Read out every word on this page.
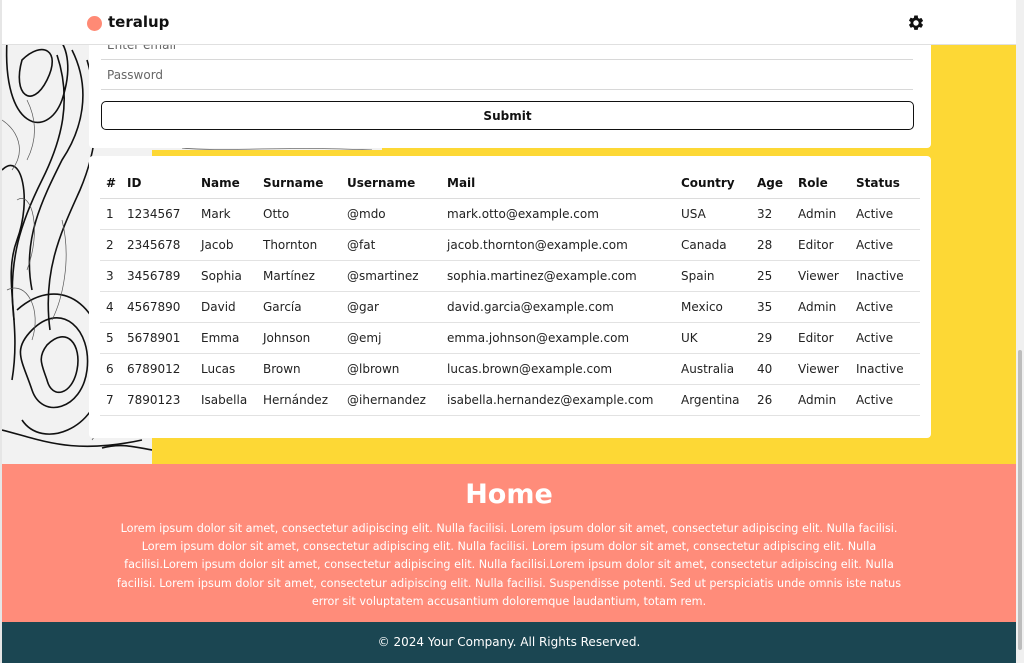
teralup
Enter email
Submit
#	ID	Name	Surname	Username	Mail	Country	Age	Role	Status
1	1234567	Mark	Otto	@mdo	mark.otto@example.com	USA	32	Admin	Active
2	2345678	Jacob	Thornton	@fat	jacob.thornton@example.com	Canada	28	Editor	Active
3	3456789	Sophia	Martínez	@smartinez	sophia.martinez@example.com	Spain	25	Viewer	Inactive
4	4567890	David	García	@gar	david.garcia@example.com	Mexico	35	Admin	Active
5	5678901	Emma	Johnson	@emj	emma.johnson@example.com	UK	29	Editor	Active
6	6789012	Lucas	Brown	@lbrown	lucas.brown@example.com	Australia	40	Viewer	Inactive
7	7890123	Isabella	Hernández	@ihernandez	isabella.hernandez@example.com	Argentina	26	Admin	Active
Home

Lorem ipsum dolor sit amet, consectetur adipiscing elit. Nulla facilisi. Lorem ipsum dolor sit amet, consectetur adipiscing elit. Nulla facilisi. Lorem ipsum dolor sit amet, consectetur adipiscing elit. Nulla facilisi. Lorem ipsum dolor sit amet, consectetur adipiscing elit. Nulla facilisi.Lorem ipsum dolor sit amet, consectetur adipiscing elit. Nulla facilisi.Lorem ipsum dolor sit amet, consectetur adipiscing elit. Nulla facilisi. Lorem ipsum dolor sit amet, consectetur adipiscing elit. Nulla facilisi. Suspendisse potenti. Sed ut perspiciatis unde omnis iste natus error sit voluptatem accusantium doloremque laudantium, totam rem.

© 2024 Your Company. All Rights Reserved.
